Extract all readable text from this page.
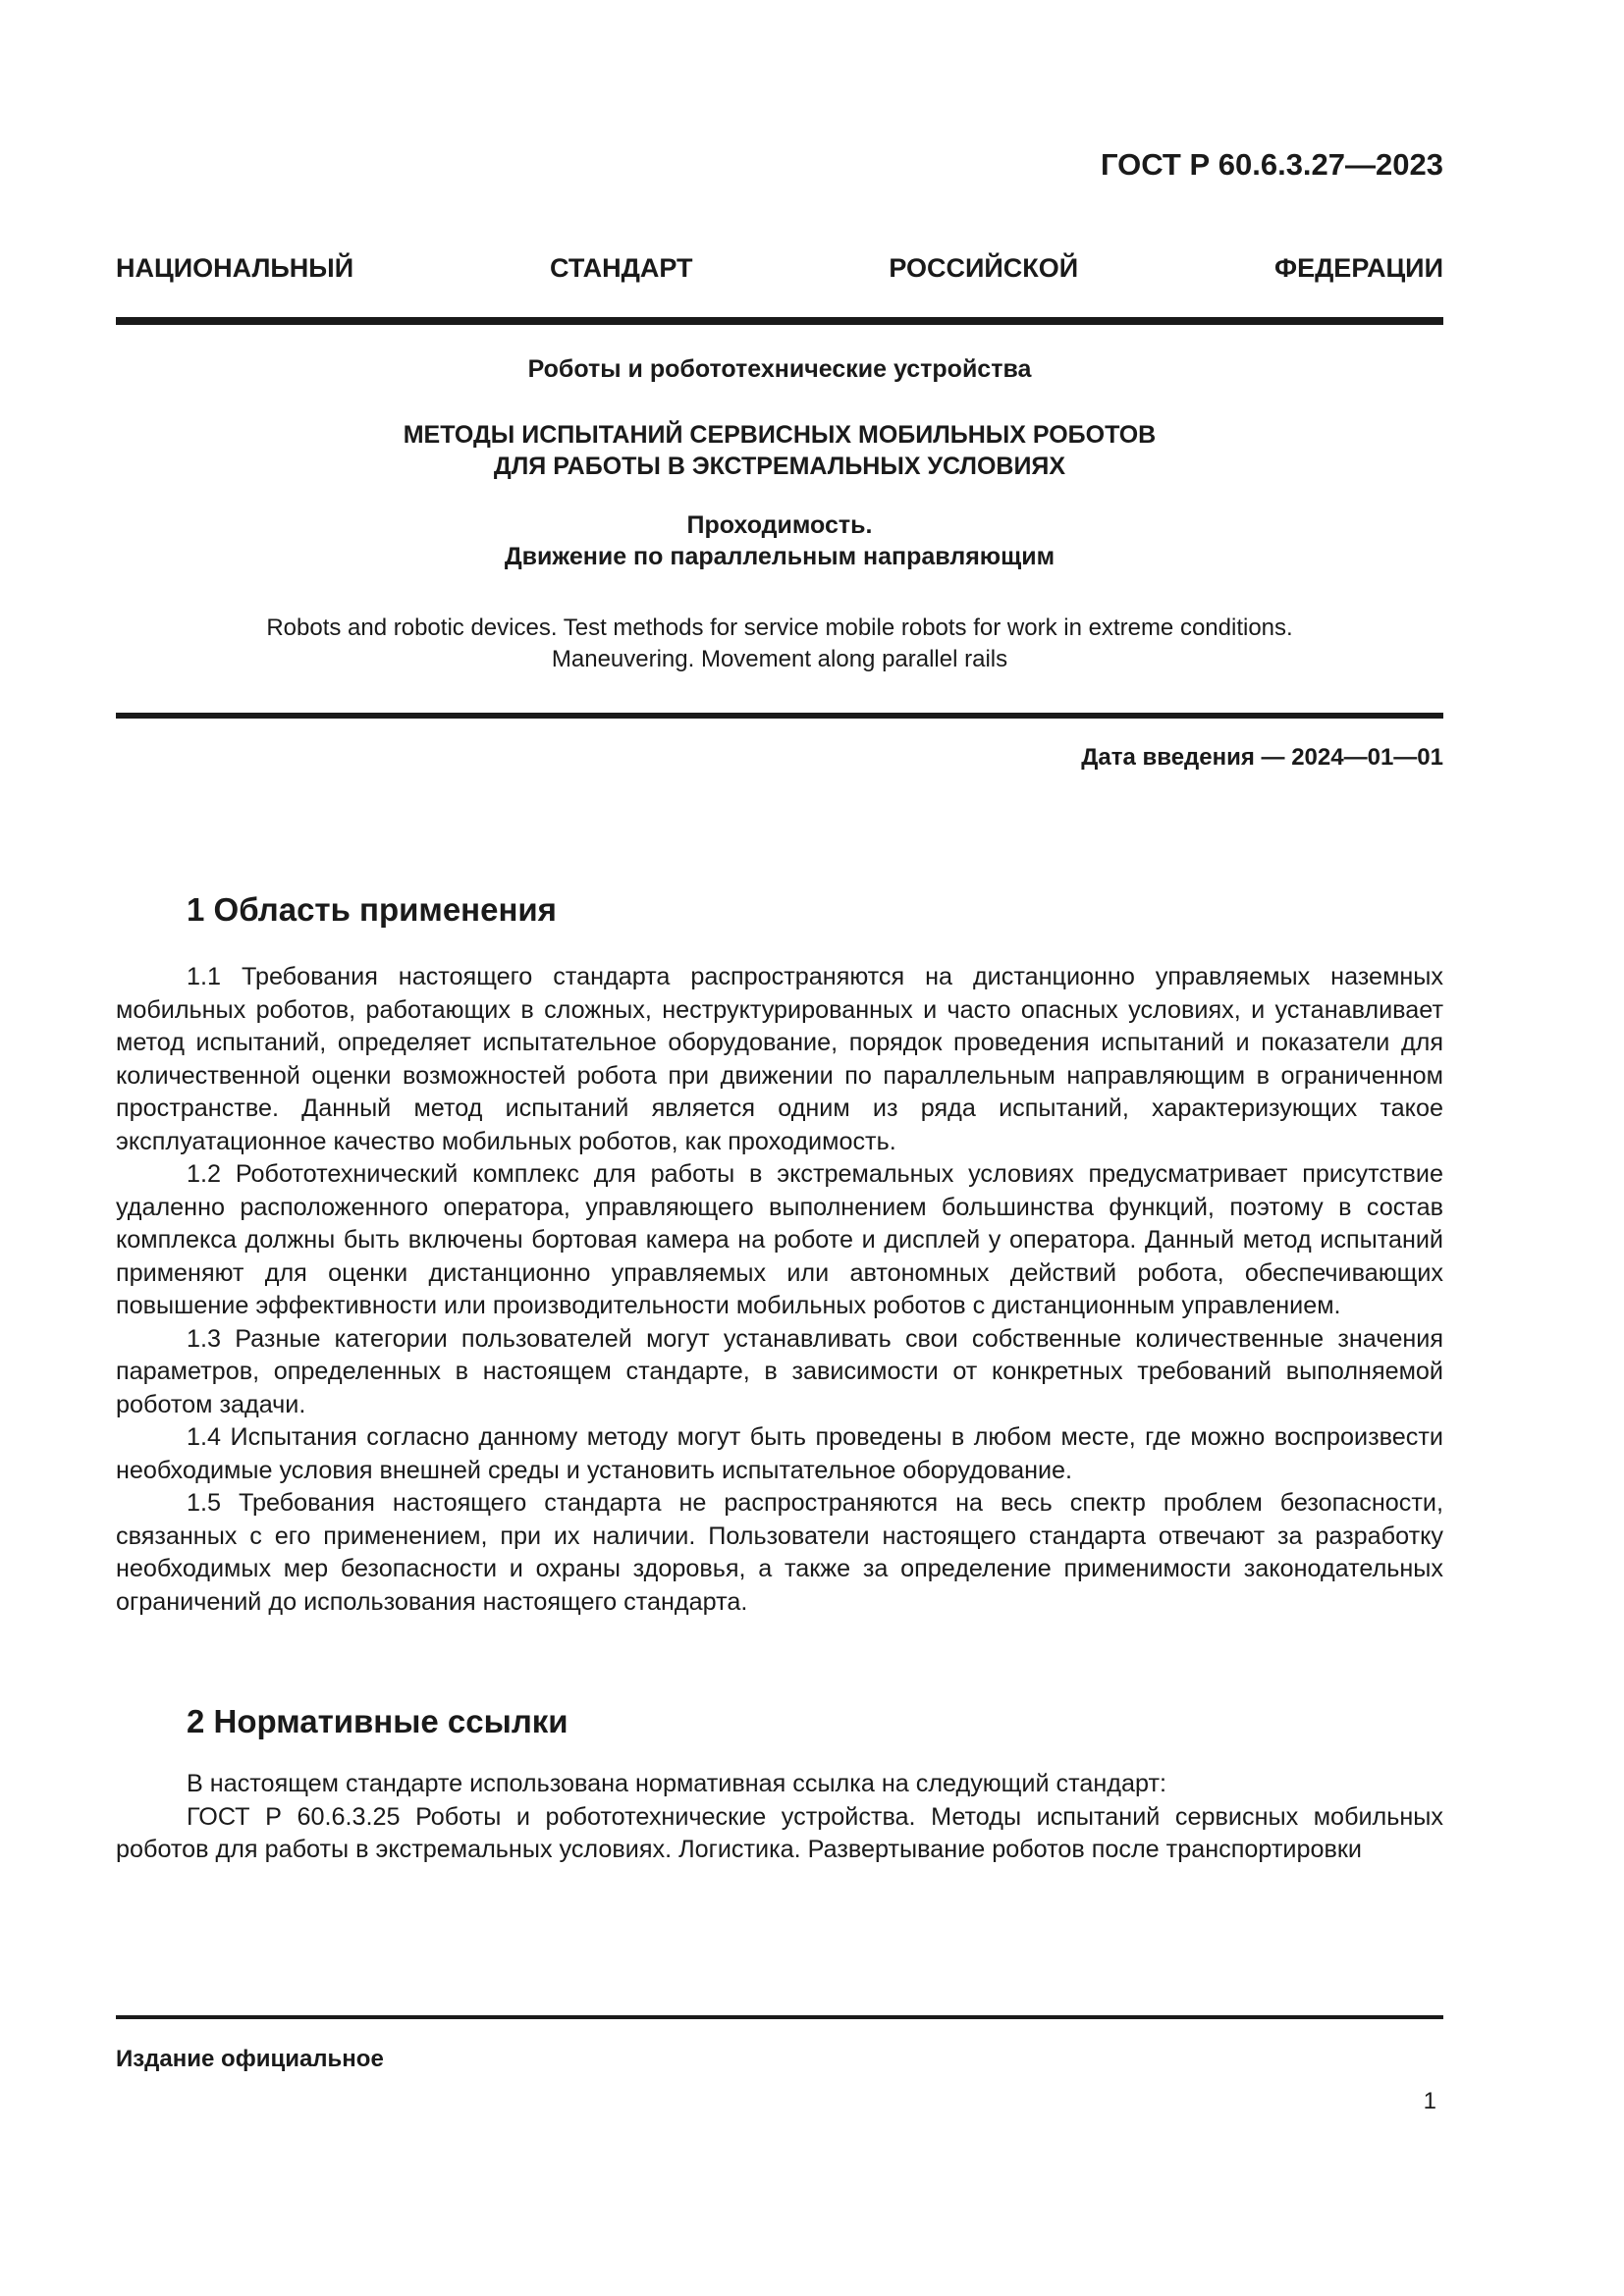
ГОСТ Р 60.6.3.27—2023
НАЦИОНАЛЬНЫЙ СТАНДАРТ РОССИЙСКОЙ ФЕДЕРАЦИИ
Роботы и робототехнические устройства
МЕТОДЫ ИСПЫТАНИЙ СЕРВИСНЫХ МОБИЛЬНЫХ РОБОТОВ
ДЛЯ РАБОТЫ В ЭКСТРЕМАЛЬНЫХ УСЛОВИЯХ
Проходимость.
Движение по параллельным направляющим
Robots and robotic devices. Test methods for service mobile robots for work in extreme conditions.
Maneuvering. Movement along parallel rails
Дата введения — 2024—01—01
1 Область применения

1.1 Требования настоящего стандарта распространяются на дистанционно управляемых наземных мобильных роботов, работающих в сложных, неструктурированных и часто опасных условиях, и устанавливает метод испытаний, определяет испытательное оборудование, порядок проведения испытаний и показатели для количественной оценки возможностей робота при движении по параллельным направляющим в ограниченном пространстве. Данный метод испытаний является одним из ряда испытаний, характеризующих такое эксплуатационное качество мобильных роботов, как проходимость.

1.2 Робототехнический комплекс для работы в экстремальных условиях предусматривает присутствие удаленно расположенного оператора, управляющего выполнением большинства функций, поэтому в состав комплекса должны быть включены бортовая камера на роботе и дисплей у оператора. Данный метод испытаний применяют для оценки дистанционно управляемых или автономных действий робота, обеспечивающих повышение эффективности или производительности мобильных роботов с дистанционным управлением.

1.3 Разные категории пользователей могут устанавливать свои собственные количественные значения параметров, определенных в настоящем стандарте, в зависимости от конкретных требований выполняемой роботом задачи.

1.4 Испытания согласно данному методу могут быть проведены в любом месте, где можно воспроизвести необходимые условия внешней среды и установить испытательное оборудование.

1.5 Требования настоящего стандарта не распространяются на весь спектр проблем безопасности, связанных с его применением, при их наличии. Пользователи настоящего стандарта отвечают за разработку необходимых мер безопасности и охраны здоровья, а также за определение применимости законодательных ограничений до использования настоящего стандарта.

2 Нормативные ссылки

В настоящем стандарте использована нормативная ссылка на следующий стандарт:

ГОСТ Р 60.6.3.25 Роботы и робототехнические устройства. Методы испытаний сервисных мобильных роботов для работы в экстремальных условиях. Логистика. Развертывание роботов после транспортировки

Издание официальное
1
